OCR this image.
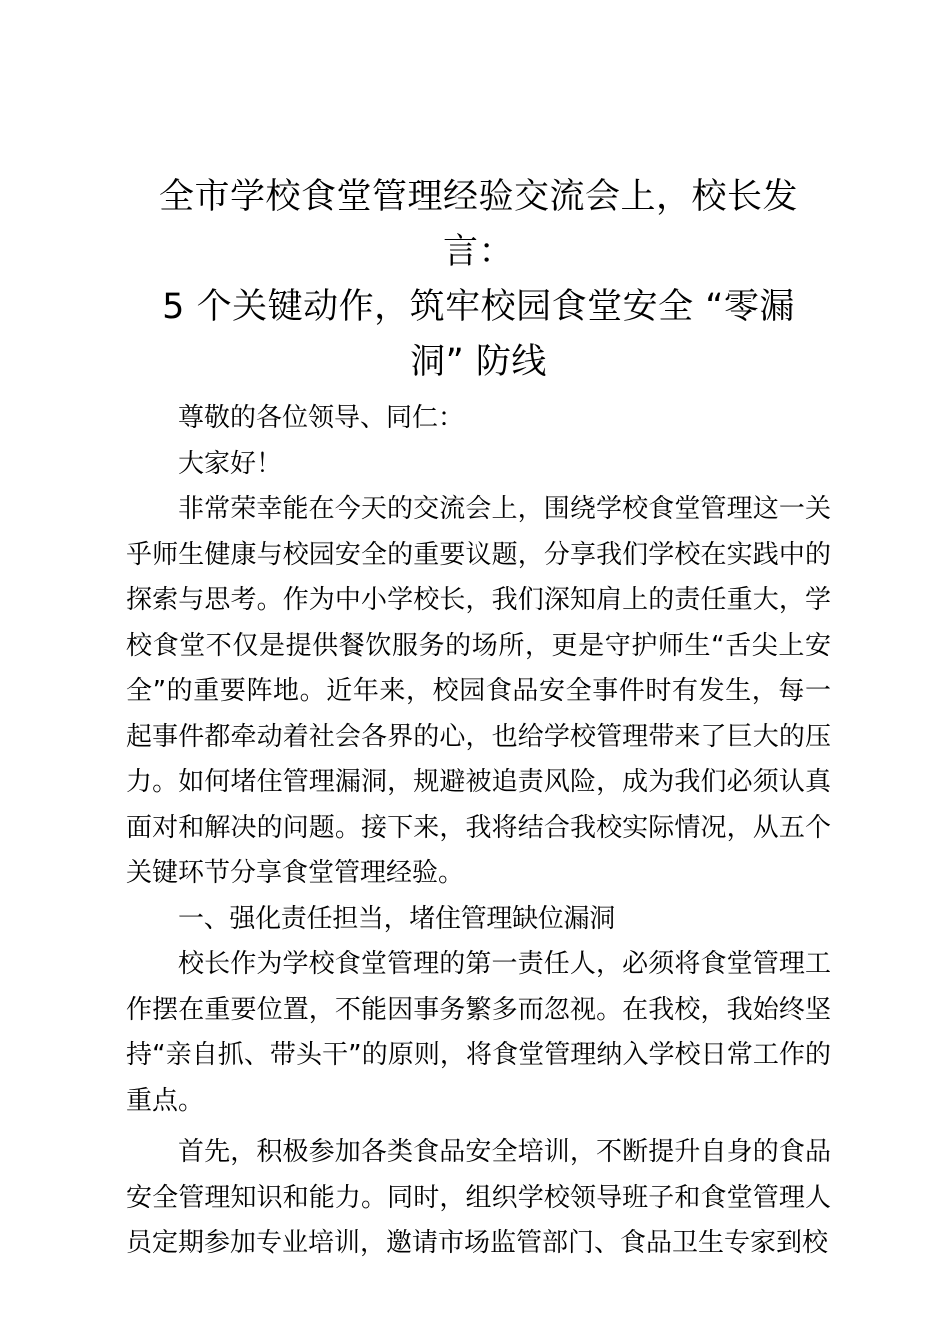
全市学校食堂管理经验交流会上，校长发言：
5 个关键动作，筑牢校园食堂安全 “零漏
洞” 防线

尊敬的各位领导、同仁：

大家好！

非常荣幸能在今天的交流会上，围绕学校食堂管理这一关乎师生健康与校园安全的重要议题，分享我们学校在实践中的探索与思考。作为中小学校长，我们深知肩上的责任重大，学校食堂不仅是提供餐饮服务的场所，更是守护师生“舌尖上安全”的重要阵地。近年来，校园食品安全事件时有发生，每一起事件都牵动着社会各界的心，也给学校管理带来了巨大的压力。如何堵住管理漏洞，规避被追责风险，成为我们必须认真面对和解决的问题。接下来，我将结合我校实际情况，从五个关键环节分享食堂管理经验。

一、强化责任担当，堵住管理缺位漏洞

校长作为学校食堂管理的第一责任人，必须将食堂管理工作摆在重要位置，不能因事务繁多而忽视。在我校，我始终坚持“亲自抓、带头干”的原则，将食堂管理纳入学校日常工作的重点。

首先，积极参加各类食品安全培训，不断提升自身的食品安全管理知识和能力。同时，组织学校领导班子和食堂管理人员定期参加专业培训，邀请市场监管部门、食品卫生专家到校
